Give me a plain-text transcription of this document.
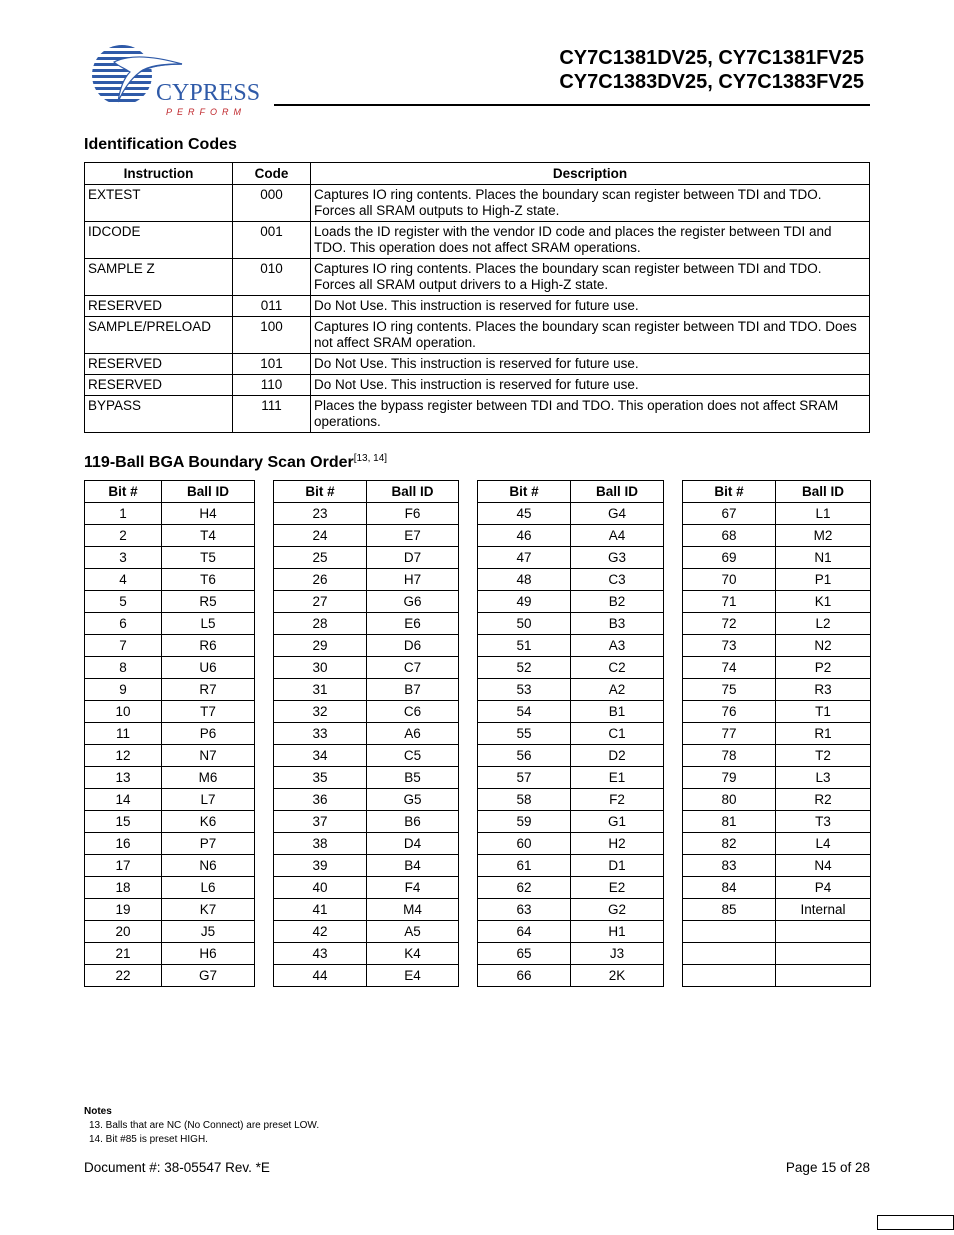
CYPRESS
PERFORM
CY7C1381DV25, CY7C1381FV25
CY7C1383DV25, CY7C1383FV25
Identification Codes
Instruction	Code	Description
EXTEST	000	Captures IO ring contents. Places the boundary scan register between TDI and TDO. Forces all SRAM outputs to High-Z state.
IDCODE	001	Loads the ID register with the vendor ID code and places the register between TDI and TDO. This operation does not affect SRAM operations.
SAMPLE Z	010	Captures IO ring contents. Places the boundary scan register between TDI and TDO. Forces all SRAM output drivers to a High-Z state.
RESERVED	011	Do Not Use. This instruction is reserved for future use.
SAMPLE/PRELOAD	100	Captures IO ring contents. Places the boundary scan register between TDI and TDO. Does not affect SRAM operation.
RESERVED	101	Do Not Use. This instruction is reserved for future use.
RESERVED	110	Do Not Use. This instruction is reserved for future use.
BYPASS	111	Places the bypass register between TDI and TDO. This operation does not affect SRAM operations.
119-Ball BGA Boundary Scan Order[13, 14]
Bit #	Ball ID
1	H4
2	T4
3	T5
4	T6
5	R5
6	L5
7	R6
8	U6
9	R7
10	T7
11	P6
12	N7
13	M6
14	L7
15	K6
16	P7
17	N6
18	L6
19	K7
20	J5
21	H6
22	G7
Bit #	Ball ID
23	F6
24	E7
25	D7
26	H7
27	G6
28	E6
29	D6
30	C7
31	B7
32	C6
33	A6
34	C5
35	B5
36	G5
37	B6
38	D4
39	B4
40	F4
41	M4
42	A5
43	K4
44	E4
Bit #	Ball ID
45	G4
46	A4
47	G3
48	C3
49	B2
50	B3
51	A3
52	C2
53	A2
54	B1
55	C1
56	D2
57	E1
58	F2
59	G1
60	H2
61	D1
62	E2
63	G2
64	H1
65	J3
66	2K
Bit #	Ball ID
67	L1
68	M2
69	N1
70	P1
71	K1
72	L2
73	N2
74	P2
75	R3
76	T1
77	R1
78	T2
79	L3
80	R2
81	T3
82	L4
83	N4
84	P4
85	Internal

Notes
13. Balls that are NC (No Connect) are preset LOW.
14. Bit #85 is preset HIGH.
Document #: 38-05547 Rev. *E	Page 15 of 28
